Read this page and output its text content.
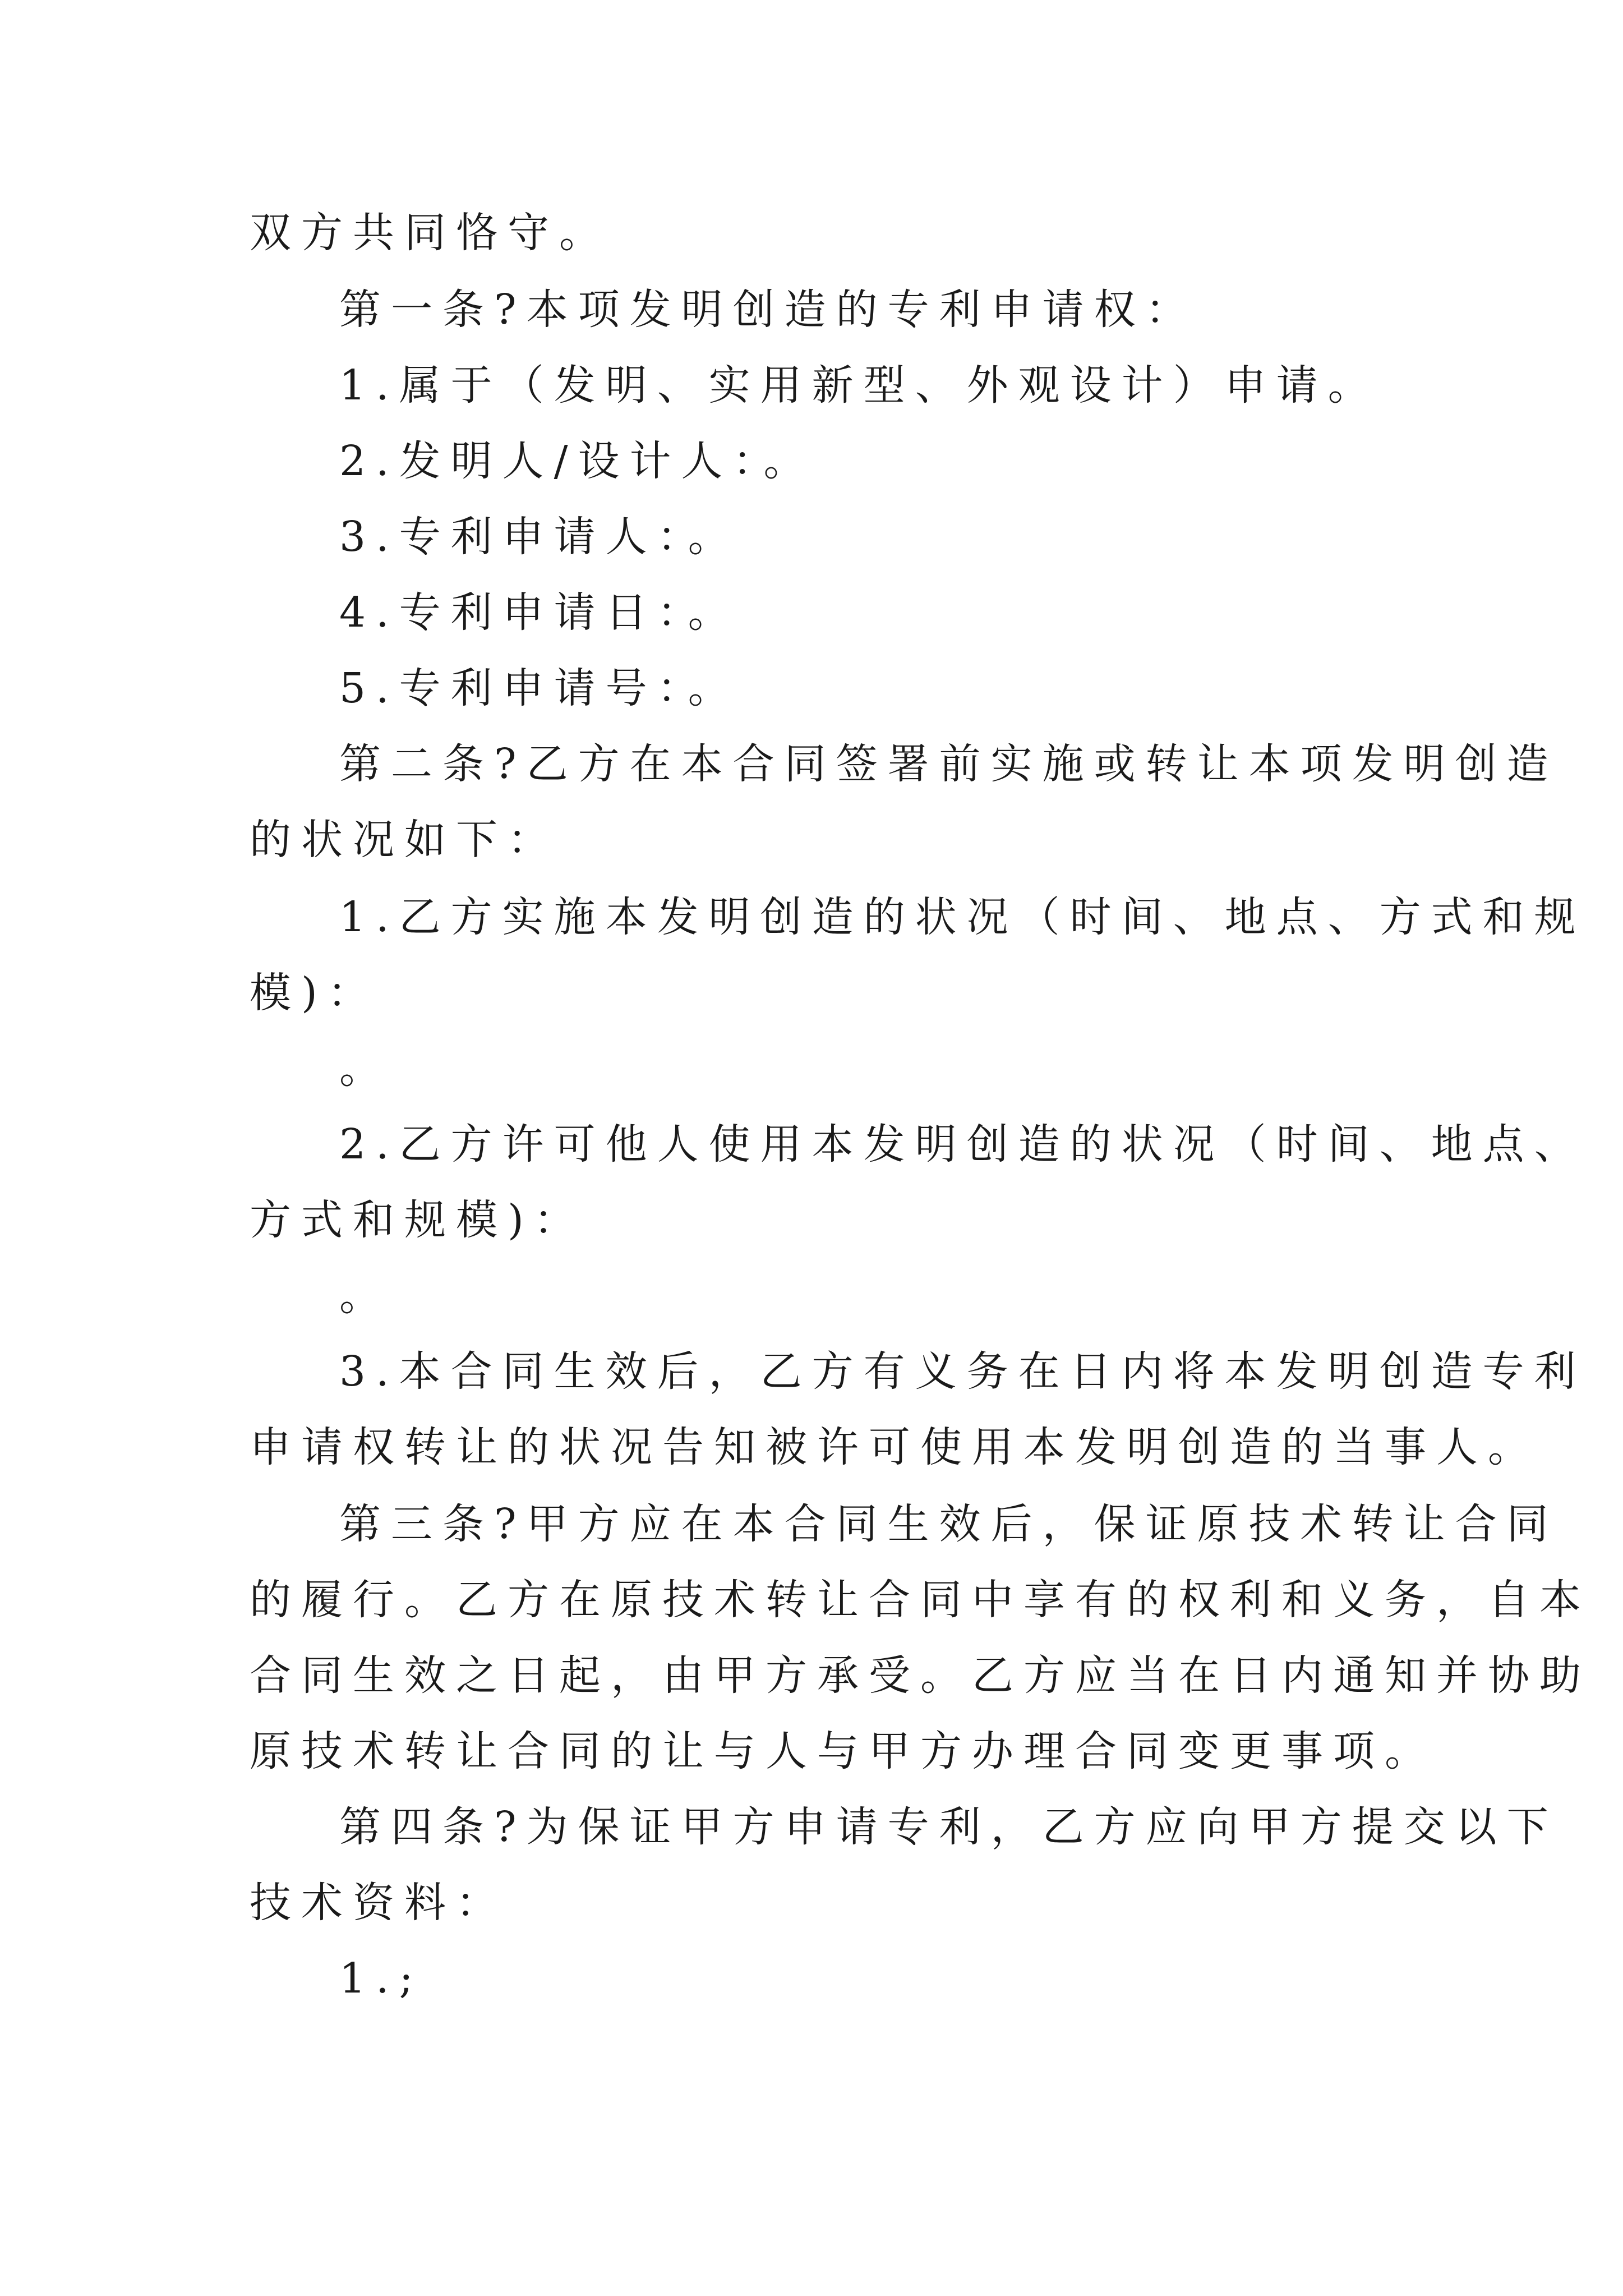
双方共同恪守。
第一条?本项发明创造的专利申请权：
1.属于（发明、实用新型、外观设计）申请。
2.发明人/设计人：。
3.专利申请人：。
4.专利申请日：。
5.专利申请号：。
第二条?乙方在本合同签署前实施或转让本项发明创造
的状况如下：
1.乙方实施本发明创造的状况（时间、地点、方式和规
模)：
。
2.乙方许可他人使用本发明创造的状况（时间、地点、
方式和规模)：
。
3.本合同生效后，乙方有义务在日内将本发明创造专利
申请权转让的状况告知被许可使用本发明创造的当事人。
第三条?甲方应在本合同生效后，保证原技术转让合同
的履行。乙方在原技术转让合同中享有的权利和义务，自本
合同生效之日起，由甲方承受。乙方应当在日内通知并协助
原技术转让合同的让与人与甲方办理合同变更事项。
第四条?为保证甲方申请专利，乙方应向甲方提交以下
技术资料：
1.;
